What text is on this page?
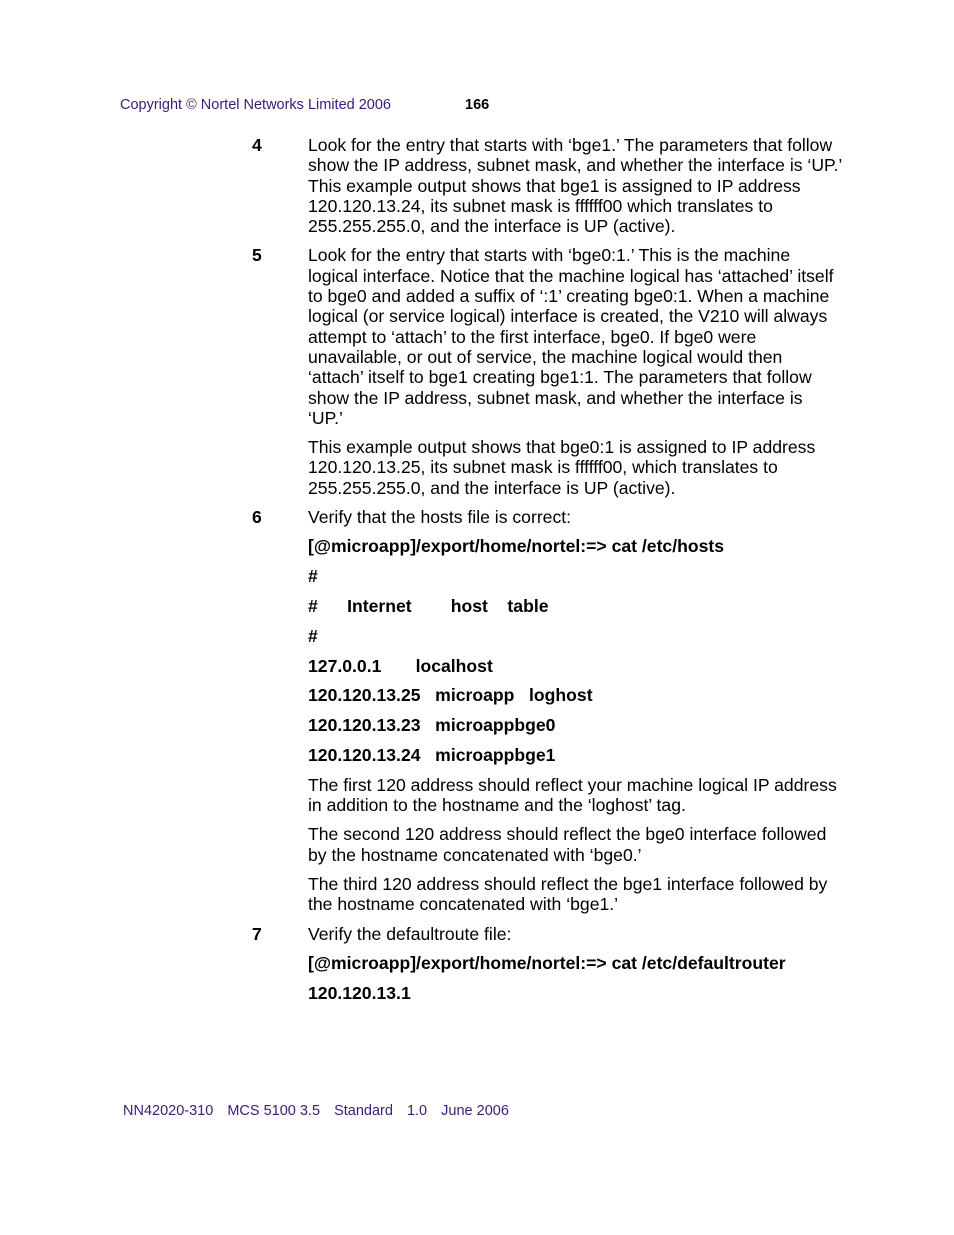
Copyright © Nortel Networks Limited 2006	166
4	Look for the entry that starts with ‘bge1.’ The parameters that follow show the IP address, subnet mask, and whether the interface is ‘UP.’ This example output shows that bge1 is assigned to IP address 120.120.13.24, its subnet mask is ffffff00 which translates to 255.255.255.0, and the interface is UP (active).

5	Look for the entry that starts with ‘bge0:1.’ This is the machine logical interface. Notice that the machine logical has ‘attached’ itself to bge0 and added a suffix of ‘:1’ creating bge0:1. When a machine logical (or service logical) interface is created, the V210 will always attempt to ‘attach’ to the first interface, bge0. If bge0 were unavailable, or out of service, the machine logical would then ‘attach’ itself to bge1 creating bge1:1. The parameters that follow show the IP address, subnet mask, and whether the interface is ‘UP.’

This example output shows that bge0:1 is assigned to IP address 120.120.13.25, its subnet mask is ffffff00, which translates to 255.255.255.0, and the interface is UP (active).

6	Verify that the hosts file is correct:

[@microapp]/export/home/nortel:=> cat /etc/hosts
#
#      Internet        host    table
#
127.0.0.1       localhost
120.120.13.25   microapp   loghost
120.120.13.23   microappbge0
120.120.13.24   microappbge1

The first 120 address should reflect your machine logical IP address in addition to the hostname and the ‘loghost’ tag.

The second 120 address should reflect the bge0 interface followed by the hostname concatenated with ‘bge0.’

The third 120 address should reflect the bge1 interface followed by the hostname concatenated with ‘bge1.’

7	Verify the defaultroute file:

[@microapp]/export/home/nortel:=> cat /etc/defaultrouter
120.120.13.1
NN42020-310 MCS 5100 3.5 Standard 1.0 June 2006
